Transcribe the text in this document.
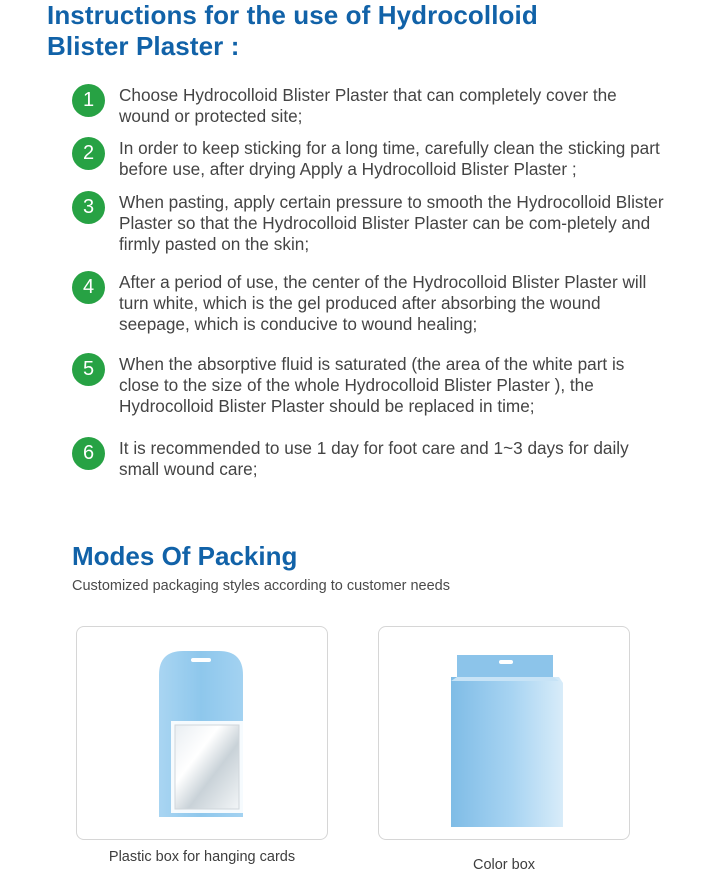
Instructions for the use of Hydrocolloid
Blister Plaster :
1	Choose Hydrocolloid Blister Plaster that can completely cover the wound or protected site;
2	In order to keep sticking for a long time, carefully clean the sticking part before use, after drying Apply a Hydrocolloid Blister Plaster ;
3	When pasting, apply certain pressure to smooth the Hydrocolloid Blister Plaster so that the Hydrocolloid Blister Plaster can be com-pletely and firmly pasted on the skin;
4	After a period of use, the center of the Hydrocolloid Blister Plaster will turn white, which is the gel produced after absorbing the wound seepage, which is conducive to wound healing;
5	When the absorptive fluid is saturated (the area of the white part is close to the size of the whole Hydrocolloid Blister Plaster ), the Hydrocolloid Blister Plaster should be replaced in time;
6	It is recommended to use 1 day for foot care and 1~3 days for daily small wound care;
Modes Of Packing
Customized packaging styles according to customer needs
Plastic box for hanging cards	Color box
